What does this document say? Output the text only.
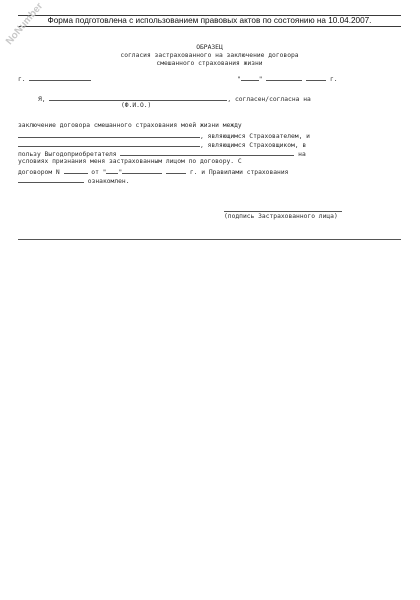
Форма подготовлена с использованием правовых актов по состоянию на 10.04.2007.
NoNumber
ОБРАЗЕЦ
согласия застрахованного на заключение договора
смешанного страхования жизни
г.	"	"	г.
Я,	, согласен/согласна на
(Ф.И.О.)
заключение договора смешанного страхования моей жизни между
, являющимся Страхователем, и
, являющимся Страховщиком, в
пользу Выгодоприобретателя	на
условиях признания меня застрахованным лицом по договору. С
договором N	от " "	г. и Правилами страхования
ознакомлен.
(подпись Застрахованного лица)
